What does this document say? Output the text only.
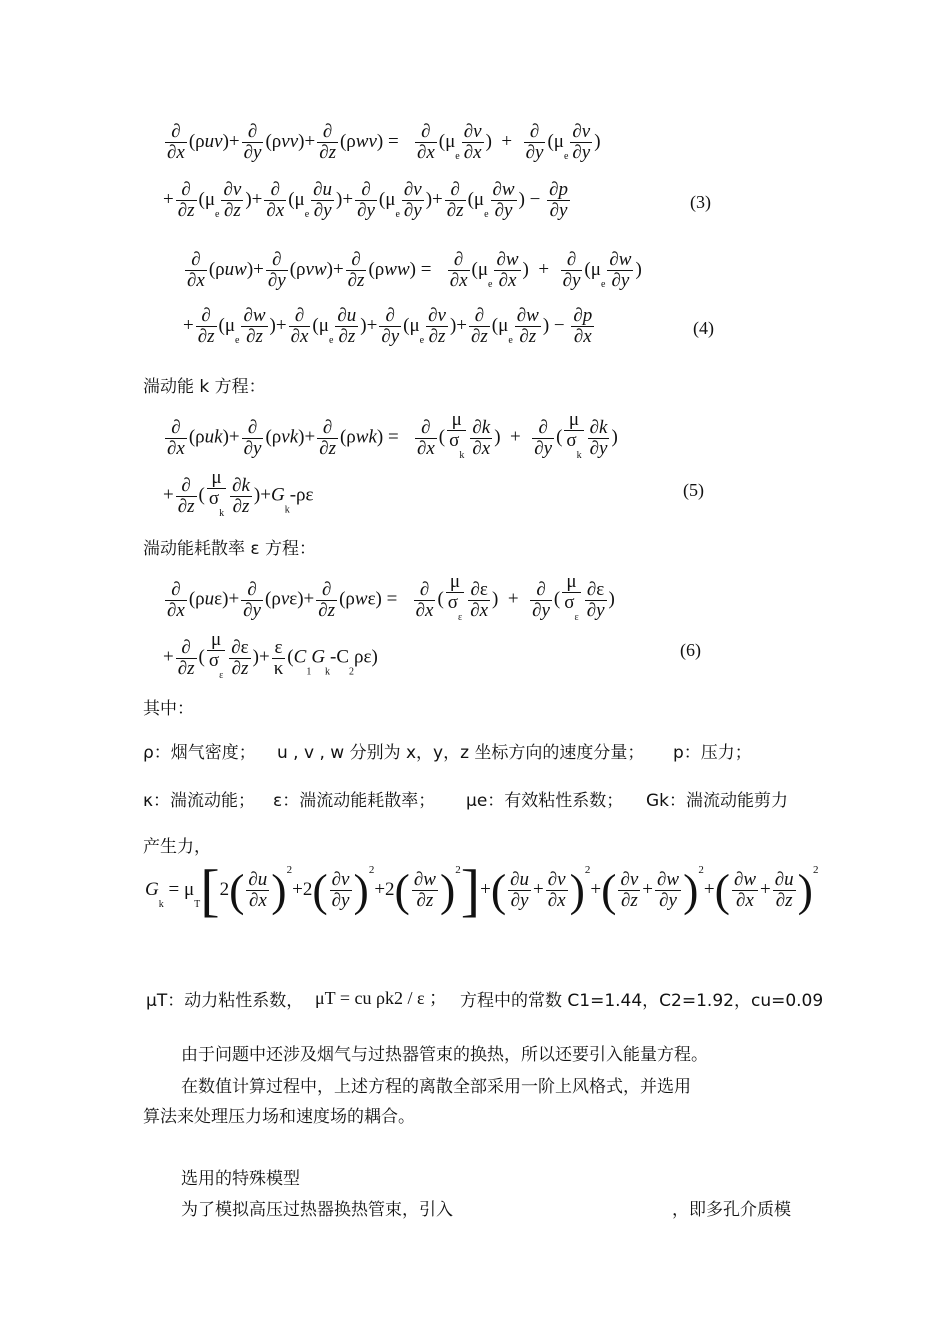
$\frac{\partial}{\partial x} (\rho uv)+ \frac{\partial}{\partial y} (\rho vv)+ \frac{\partial}{\partial z} (\rho wv) = \frac{\partial}{\partial x} (\mu_e \frac{\partial v}{\partial x}$ )  + $\frac{\partial}{\partial y} (\mu_e \frac{\partial v}{\partial y}$ )
+ $\frac{\partial}{\partial z} (\mu_e \frac{\partial v}{\partial z}$ )+ $\frac{\partial}{\partial x} (\mu_e \frac{\partial u}{\partial y}$ )+ $\frac{\partial}{\partial y} (\mu_e \frac{\partial v}{\partial y}$ )+ $\frac{\partial}{\partial z} (\mu_e \frac{\partial w}{\partial y}$ ) − $\frac{\partial p}{\partial y}$	(3)
$\frac{\partial}{\partial x} (\rho uw)+ \frac{\partial}{\partial y} (\rho vw)+ \frac{\partial}{\partial z} (\rho ww) = \frac{\partial}{\partial x} (\mu_e \frac{\partial w}{\partial x}$ )  + $\frac{\partial}{\partial y} (\mu_e \frac{\partial w}{\partial y}$ )
+ $\frac{\partial}{\partial z} (\mu_e \frac{\partial w}{\partial z}$ )+ $\frac{\partial}{\partial x} (\mu_e \frac{\partial u}{\partial z}$ )+ $\frac{\partial}{\partial y} (\mu_e \frac{\partial v}{\partial z}$ )+ $\frac{\partial}{\partial z} (\mu_e \frac{\partial w}{\partial z}$ ) − $\frac{\partial p}{\partial x}$	(4)
湍动能 k 方程：
$\frac{\partial}{\partial x} (\rho uk)+ \frac{\partial}{\partial y} (\rho vk)+ \frac{\partial}{\partial z} (\rho wk) = \frac{\partial}{\partial x}$ ( $\frac{\mu}{\sigma_k} \frac{\partial k}{\partial x}$ )  + $\frac{\partial}{\partial y}$ ( $\frac{\mu}{\sigma_k} \frac{\partial k}{\partial y}$ )
+ $\frac{\partial}{\partial z}$ ( $\frac{\mu}{\sigma_k} \frac{\partial k}{\partial z} )+G_k-\rho\varepsilon$	(5)
湍动能耗散率 ε 方程：
$\frac{\partial}{\partial x} (\rho u\varepsilon)+ \frac{\partial}{\partial y} (\rho v\varepsilon)+ \frac{\partial}{\partial z} (\rho w\varepsilon) = \frac{\partial}{\partial x}$ ( $\frac{\mu}{\sigma_\varepsilon} \frac{\partial\varepsilon}{\partial x}$ )  + $\frac{\partial}{\partial y}$ ( $\frac{\mu}{\sigma_\varepsilon} \frac{\partial\varepsilon}{\partial y}$ )
+ $\frac{\partial}{\partial z}$ ( $\frac{\mu}{\sigma_\varepsilon} \frac{\partial\varepsilon}{\partial z}$ )+ $\frac{\varepsilon}{\kappa} (C_1G_k-C_2\rho\varepsilon)$	(6)
其中：
ρ：烟气密度； u , v , w 分别为 x，y，z 坐标方向的速度分量； p：压力；
κ：湍流动能； ε：湍流动能耗散率； μe：有效粘性系数； Gk：湍流动能剪力
产生力，
$G_k = \mu_T[2( \frac{\partial u}{\partial x} )^2+2( \frac{\partial v}{\partial y} )^2+2( \frac{\partial w}{\partial z} )^2]+( \frac{\partial u}{\partial y} + \frac{\partial v}{\partial x} )^2+( \frac{\partial v}{\partial z} + \frac{\partial w}{\partial y} )^2+( \frac{\partial w}{\partial x} + \frac{\partial u}{\partial z} )^2$
μT：动力粘性系数， μT = cu ρk2 / ε ； 方程中的常数 C1=1.44，C2=1.92，cu=0.09
由于问题中还涉及烟气与过热器管束的换热，所以还要引入能量方程。
在数值计算过程中，上述方程的离散全部采用一阶上风格式，并选用
算法来处理压力场和速度场的耦合。
选用的特殊模型
为了模拟高压过热器换热管束，引入	，即多孔介质模
